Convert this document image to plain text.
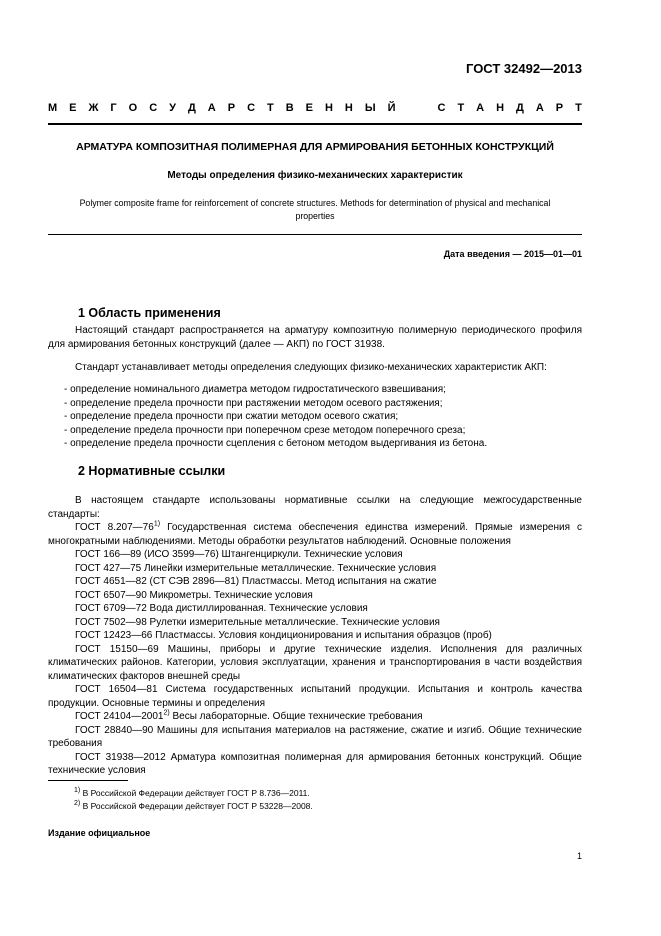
ГОСТ 32492—2013
М Е Ж Г О С У Д А Р С Т В Е Н Н Ы Й	С Т А Н Д А Р Т
АРМАТУРА КОМПОЗИТНАЯ ПОЛИМЕРНАЯ ДЛЯ АРМИРОВАНИЯ БЕТОННЫХ КОНСТРУКЦИЙ
Методы определения физико-механических характеристик
Polymer composite frame for reinforcement of concrete structures. Methods for determination of physical and mechanical properties
Дата введения — 2015—01—01
1 Область применения
Настоящий стандарт распространяется на арматуру композитную полимерную периодического профиля для армирования бетонных конструкций (далее — АКП) по ГОСТ 31938.
Стандарт устанавливает методы определения следующих физико-механических характеристик АКП:
- определение номинального диаметра методом гидростатического взвешивания;
- определение предела прочности при растяжении методом осевого растяжения;
- определение предела прочности при сжатии методом осевого сжатия;
- определение предела прочности при поперечном срезе методом поперечного среза;
- определение предела прочности сцепления с бетоном методом выдергивания из бетона.
2 Нормативные ссылки
В настоящем стандарте использованы нормативные ссылки на следующие межгосударственные стандарты:
ГОСТ 8.207—76$^{1)}$ Государственная система обеспечения единства измерений. Прямые измерения с многократными наблюдениями. Методы обработки результатов наблюдений. Основные положения
ГОСТ 166—89 (ИСО 3599—76) Штангенциркули. Технические условия
ГОСТ 427—75 Линейки измерительные металлические. Технические условия
ГОСТ 4651—82 (СТ СЭВ 2896—81) Пластмассы. Метод испытания на сжатие
ГОСТ 6507—90 Микрометры. Технические условия
ГОСТ 6709—72 Вода дистиллированная. Технические условия
ГОСТ 7502—98 Рулетки измерительные металлические. Технические условия
ГОСТ 12423—66 Пластмассы. Условия кондиционирования и испытания образцов (проб)
ГОСТ 15150—69 Машины, приборы и другие технические изделия. Исполнения для различных климатических районов. Категории, условия эксплуатации, хранения и транспортирования в части воздействия климатических факторов внешней среды
ГОСТ 16504—81 Система государственных испытаний продукции. Испытания и контроль качества продукции. Основные термины и определения
ГОСТ 24104—2001$^{2)}$ Весы лабораторные. Общие технические требования
ГОСТ 28840—90 Машины для испытания материалов на растяжение, сжатие и изгиб. Общие технические требования
ГОСТ 31938—2012 Арматура композитная полимерная для армирования бетонных конструкций. Общие технические условия
$^{1)}$ В Российской Федерации действует ГОСТ Р 8.736—2011.
$^{2)}$ В Российской Федерации действует ГОСТ Р 53228—2008.
Издание официальное
1
